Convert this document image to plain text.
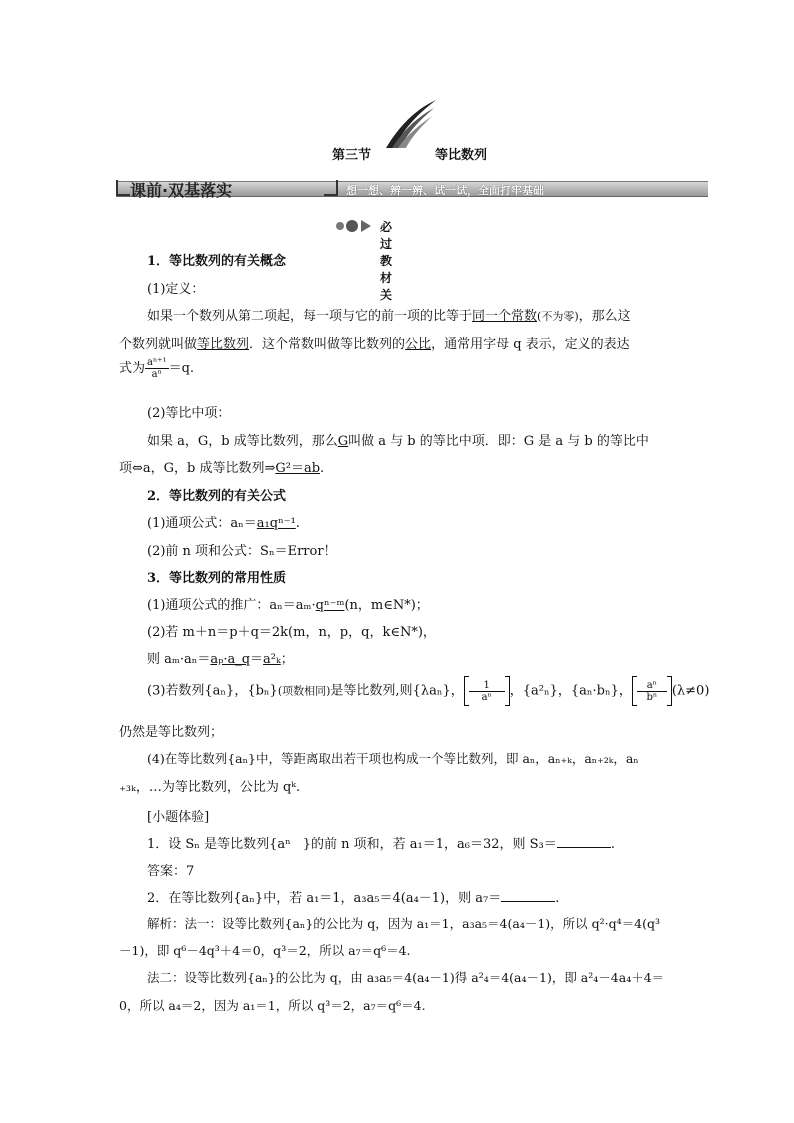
第三节	等比数列
课前·双基落实	想一想、辨一辨、试一试，全面打牢基础
必过教材关
1．等比数列的有关概念
(1)定义：
如果一个数列从第二项起，每一项与它的前一项的比等于同一个常数(不为零)，那么这
个数列就叫做等比数列．这个常数叫做等比数列的公比，通常用字母 q 表示，定义的表达
式为 $\frac{\text{aⁿ⁺¹}}{\text{aⁿ}} =q$.
(2)等比中项：
如果 a，G，b 成等比数列，那么G叫做 a 与 b 的等比中项．即：G 是 a 与 b 的等比中
项⇔a，G，b 成等比数列⇒G²＝ab.
2．等比数列的有关公式
(1)通项公式：aₙ＝a₁qⁿ⁻¹.
(2)前 n 项和公式：Sₙ＝Error！
3．等比数列的常用性质
(1)通项公式的推广：aₙ＝aₘ·qⁿ⁻ᵐ(n，m∈N*)；
(2)若 m＋n＝p＋q＝2k(m，n，p，q，k∈N*)，
则 aₘ·aₙ＝aₚ·a_q＝a²ₖ；
(3)若数列{aₙ}，{bₙ}(项数相同)是等比数列,则{λaₙ}， $\frac{1}{\text{aⁿ}}$ ，{a²ₙ}，{aₙ·bₙ}， $\frac{\text{aⁿ}}{\text{bⁿ}} (\lambda\ne 0)$
仍然是等比数列；
(4)在等比数列{aₙ}中，等距离取出若干项也构成一个等比数列，即 aₙ，aₙ₊ₖ，aₙ₊₂ₖ，aₙ
₊₃ₖ，…为等比数列，公比为 qᵏ.
[小题体验]
1．设 Sₙ 是等比数列{aⁿ }的前 n 项和，若 a₁＝1，a₆＝32，则 S₃＝	.
答案：7
2．在等比数列{aₙ}中，若 a₁＝1，a₃a₅＝4(a₄－1)，则 a₇＝	.
解析：法一：设等比数列{aₙ}的公比为 q，因为 a₁＝1，a₃a₅＝4(a₄－1)，所以 q²·q⁴＝4(q³
－1)，即 q⁶－4q³＋4＝0，q³＝2，所以 a₇＝q⁶＝4.
法二：设等比数列{aₙ}的公比为 q，由 a₃a₅＝4(a₄－1)得 a²₄＝4(a₄－1)，即 a²₄－4a₄＋4＝
0，所以 a₄＝2，因为 a₁＝1，所以 q³＝2，a₇＝q⁶＝4.
